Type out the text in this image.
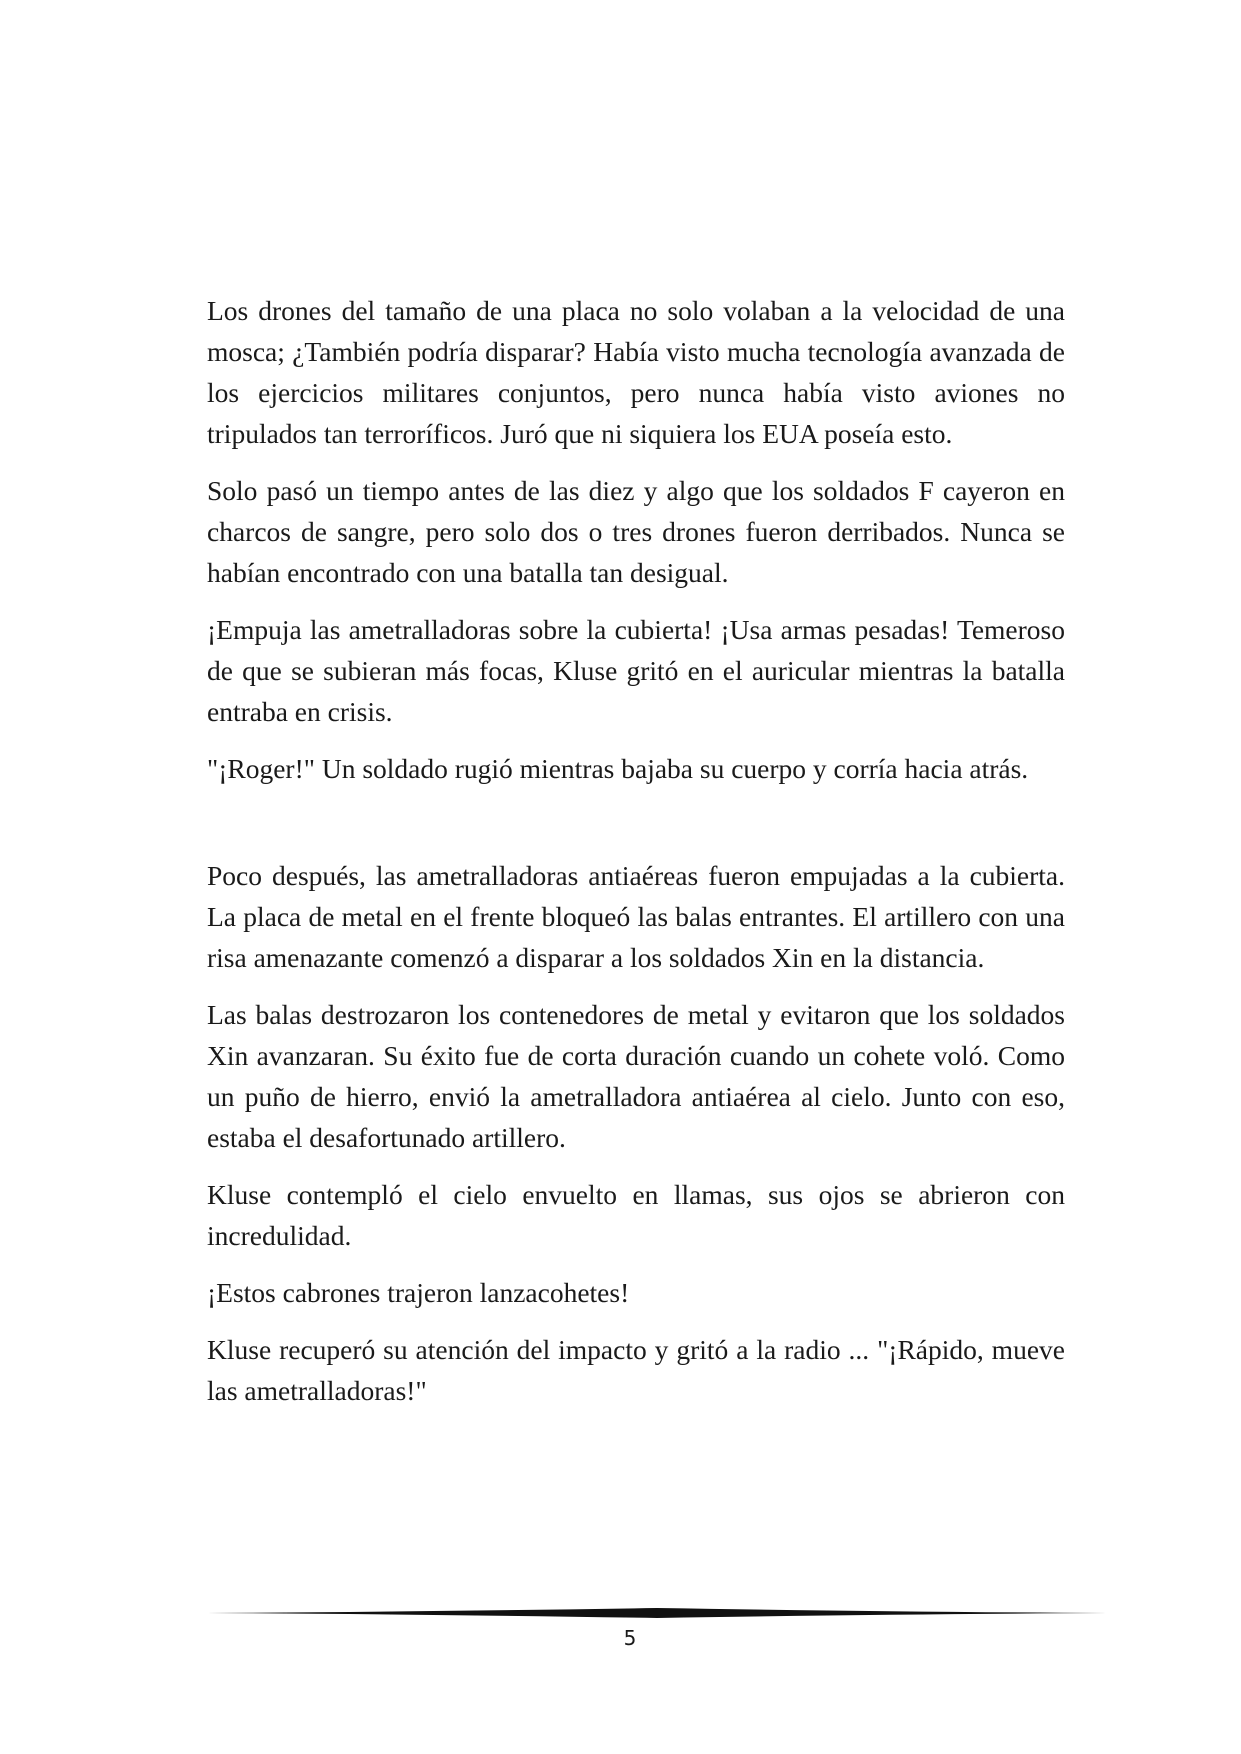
Los drones del tamaño de una placa no solo volaban a la velocidad de una mosca; ¿También podría disparar? Había visto mucha tecnología avanzada de los ejercicios militares conjuntos, pero nunca había visto aviones no tripulados tan terroríficos. Juró que ni siquiera los EUA poseía esto.

Solo pasó un tiempo antes de las diez y algo que los soldados F cayeron en charcos de sangre, pero solo dos o tres drones fueron derribados. Nunca se habían encontrado con una batalla tan desigual.

¡Empuja las ametralladoras sobre la cubierta! ¡Usa armas pesadas! Temeroso de que se subieran más focas, Kluse gritó en el auricular mientras la batalla entraba en crisis.

"¡Roger!" Un soldado rugió mientras bajaba su cuerpo y corría hacia atrás.

Poco después, las ametralladoras antiaéreas fueron empujadas a la cubierta. La placa de metal en el frente bloqueó las balas entrantes. El artillero con una risa amenazante comenzó a disparar a los soldados Xin en la distancia.

Las balas destrozaron los contenedores de metal y evitaron que los soldados Xin avanzaran. Su éxito fue de corta duración cuando un cohete voló. Como un puño de hierro, envió la ametralladora antiaérea al cielo. Junto con eso, estaba el desafortunado artillero.

Kluse contempló el cielo envuelto en llamas, sus ojos se abrieron con incredulidad.

¡Estos cabrones trajeron lanzacohetes!

Kluse recuperó su atención del impacto y gritó a la radio ... "¡Rápido, mueve las ametralladoras!"

5
